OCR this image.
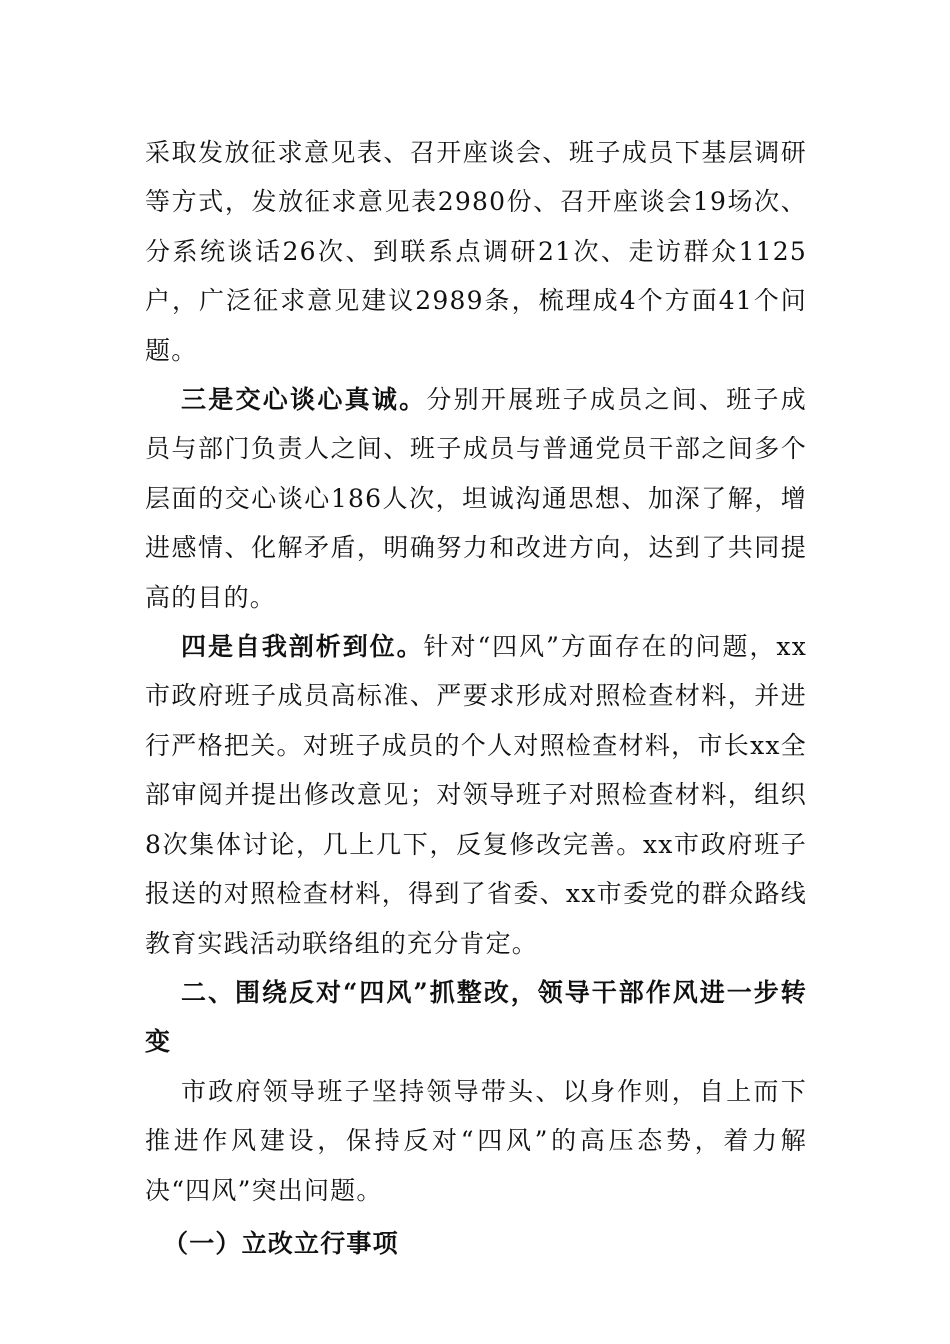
采取发放征求意见表、召开座谈会、班子成员下基层调研等方式，发放征求意见表2980份、召开座谈会19场次、分系统谈话26次、到联系点调研21次、走访群众1125户，广泛征求意见建议2989条，梳理成4个方面41个问题。

三是交心谈心真诚。分别开展班子成员之间、班子成员与部门负责人之间、班子成员与普通党员干部之间多个层面的交心谈心186人次，坦诚沟通思想、加深了解，增进感情、化解矛盾，明确努力和改进方向，达到了共同提高的目的。

四是自我剖析到位。针对“四风”方面存在的问题，xx市政府班子成员高标准、严要求形成对照检查材料，并进行严格把关。对班子成员的个人对照检查材料，市长xx全部审阅并提出修改意见；对领导班子对照检查材料，组织8次集体讨论，几上几下，反复修改完善。xx市政府班子报送的对照检查材料，得到了省委、xx市委党的群众路线教育实践活动联络组的充分肯定。

二、围绕反对“四风”抓整改，领导干部作风进一步转变

市政府领导班子坚持领导带头、以身作则，自上而下推进作风建设，保持反对“四风”的高压态势，着力解决“四风”突出问题。

（一）立改立行事项
